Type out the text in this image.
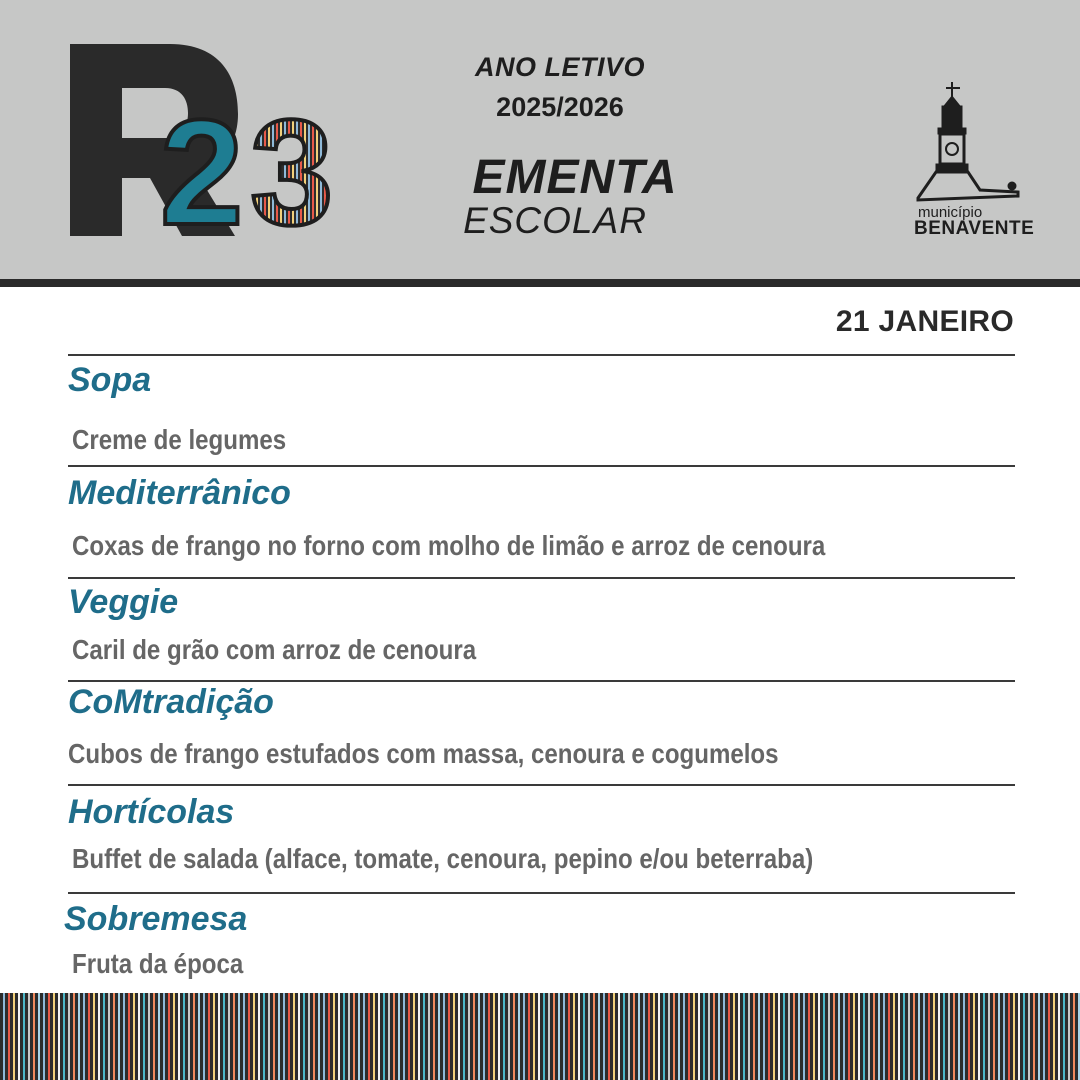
2 3
ANO LETIVO
2025/2026
EMENTA
ESCOLAR	município
BENAVENTE
21 JANEIRO
Sopa
Creme de legumes
Mediterrânico
Coxas de frango no forno com molho de limão e arroz de cenoura
Veggie
Caril de grão com arroz de cenoura
CoMtradição
Cubos de frango estufados com massa, cenoura e cogumelos
Hortícolas
Buffet de salada (alface, tomate, cenoura, pepino e/ou beterraba)
Sobremesa
Fruta da época
